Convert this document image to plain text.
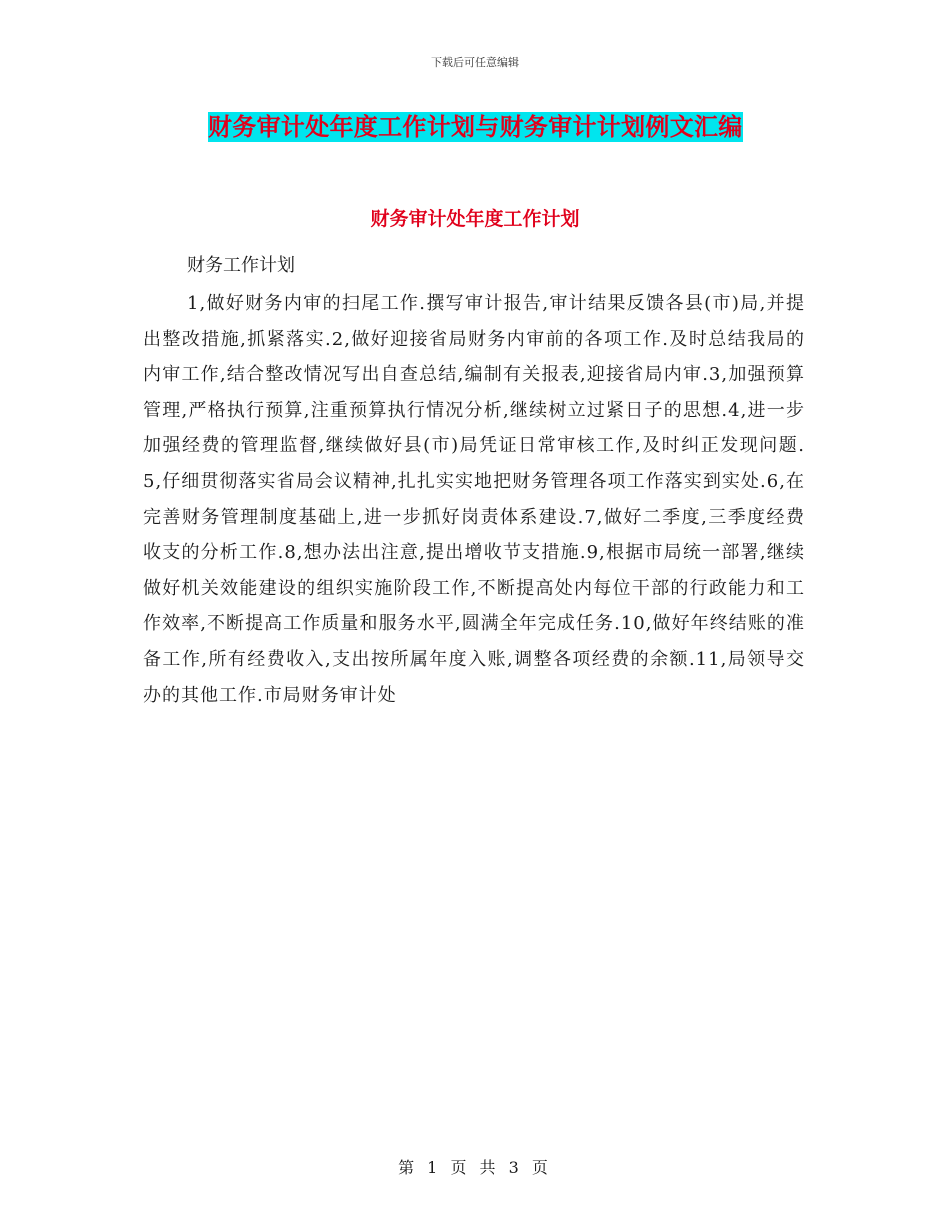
下载后可任意编辑
财务审计处年度工作计划与财务审计计划例文汇编
财务审计处年度工作计划
财务工作计划
1,做好财务内审的扫尾工作.撰写审计报告,审计结果反馈各县(市)局,并提出整改措施,抓紧落实.2,做好迎接省局财务内审前的各项工作.及时总结我局的内审工作,结合整改情况写出自查总结,编制有关报表,迎接省局内审.3,加强预算管理,严格执行预算,注重预算执行情况分析,继续树立过紧日子的思想.4,进一步加强经费的管理监督,继续做好县(市)局凭证日常审核工作,及时纠正发现问题.5,仔细贯彻落实省局会议精神,扎扎实实地把财务管理各项工作落实到实处.6,在完善财务管理制度基础上,进一步抓好岗责体系建设.7,做好二季度,三季度经费收支的分析工作.8,想办法出注意,提出增收节支措施.9,根据市局统一部署,继续做好机关效能建设的组织实施阶段工作,不断提高处内每位干部的行政能力和工作效率,不断提高工作质量和服务水平,圆满全年完成任务.10,做好年终结账的准备工作,所有经费收入,支出按所属年度入账,调整各项经费的余额.11,局领导交办的其他工作.市局财务审计处
第 1 页 共 3 页
